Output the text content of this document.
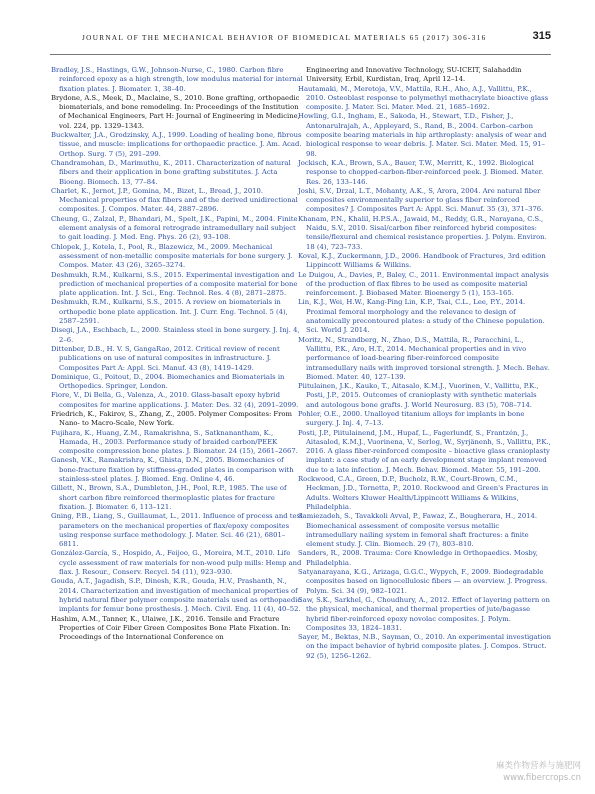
JOURNAL OF THE MECHANICAL BEHAVIOR OF BIOMEDICAL MATERIALS 65 (2017) 306-316	315

Bradley, J.S., Hastings, G.W., Johnson-Nurse, C., 1980. Carbon fibre reinforced epoxy as a high strength, low modulus material for internal fixation plates. J. Biomater. 1, 38–40.

Brydone, A.S., Meek, D., Maclaine, S., 2010. Bone grafting, orthopaedic biomaterials, and bone remodeling. In: Proceedings of the Institution of Mechanical Engineers, Part H: Journal of Engineering in Medicine, vol. 224, pp. 1329–1343.

Buckwalter, J.A., Grodzinsky, A.J., 1999. Loading of healing bone, fibrous tissue, and muscle: implications for orthopaedic practice. J. Am. Acad. Orthop. Surg. 7 (5), 291–299.

Chandramohan, D., Marimuthu, K., 2011. Characterization of natural fibers and their application in bone grafting substitutes. J. Acta Bioeng. Biomech. 13, 77–84.

Charlet, K., Jernot, J.P., Gomina, M., Bizet, L., Bread, J., 2010. Mechanical properties of flax fibers and of the derived unidirectional composites. J. Compos. Mater. 44, 2887–2896.

Cheung, G., Zalzal, P., Bhandari, M., Spelt, J.K., Papini, M., 2004. Finite element analysis of a femoral retrograde intramedullary nail subject to gait loading. J. Med. Eng. Phys. 26 (2), 93–108.

Chlopek, J., Kotela, I., Pool, R., Blazewicz, M., 2009. Mechanical assessment of non-metallic composite materials for bone surgery. J. Compos. Mater. 43 (26), 3265–3274.

Deshmukh, R.M., Kulkarni, S.S., 2015. Experimental investigation and prediction of mechanical properties of a composite material for bone plate application. Int. J. Sci., Eng. Technol. Res. 4 (8), 2871–2875.

Deshmukh, R.M., Kulkarni, S.S., 2015. A review on biomaterials in orthopedic bone plate application. Int. J. Curr. Eng. Technol. 5 (4), 2587–2591.

Disegi, J.A., Eschbach, L., 2000. Stainless steel in bone surgery. J. Inj. 4, 2–6.

Dittenber, D.B., H. V. S, GangaRao, 2012. Critical review of recent publications on use of natural composites in infrastructure. J. Composites Part A: Appl. Sci. Manuf. 43 (8), 1419–1429.

Dominique, G., Poitout, D., 2004. Biomechanics and Biomaterials in Orthopedics. Springer, London.

Fiore, V., Di Bella, G., Valenza, A., 2010. Glass-basalt epoxy hybrid composites for marine applications. J. Mater. Des. 32 (4), 2091–2099.

Friedrich, K., Fakirov, S., Zhang, Z., 2005. Polymer Composites: From Nano- to Macro-Scale, New York.

Fujihara, K., Huang, Z.M., Ramakrishna, S., Satknanantham, K., Hamada, H., 2003. Performance study of braided carbon/PEEK composite compression bone plates. J. Biomater. 24 (15), 2661–2667.

Ganesh, V.K., Ramakrishra, K., Ghista, D.N., 2005. Biomechanics of bone-fracture fixation by stiffness-graded plates in comparison with stainless-steel plates. J. Biomed. Eng. Online 4, 46.

Gillett, N., Brown, S.A., Dumbleton, J.H., Pool, R.P., 1985. The use of short carbon fibre reinforced thermoplastic plates for fracture fixation. J. Biomater. 6, 113–121.

Gning, P.B., Liang, S., Guillaumat, L., 2011. Influence of process and test parameters on the mechanical properties of flax/epoxy composites using response surface methodology. J. Mater. Sci. 46 (21), 6801–6811.

González-García, S., Hospido, A., Feijoo, G., Moreira, M.T., 2010. Life cycle assessment of raw materials for non-wood pulp mills: Hemp and flax. J. Resour., Conserv. Recycl. 54 (11), 923–930.

Gouda, A.T., Jagadish, S.P., Dinesh, K.R., Gouda, H.V., Prashanth, N., 2014. Characterization and investigation of mechanical properties of hybrid natural fiber polymer composite materials used as orthopaedic implants for femur bone prosthesis. J. Mech. Civil. Eng. 11 (4), 40–52.

Hashim, A.M., Tanner, K., Ulaiwe, J.K., 2016. Tensile and Fracture Properties of Coir Fiber Green Composites Bone Plate Fixation. In: Proceedings of the International Conference on

Engineering and Innovative Technology, SU-ICEIT, Salahaddin University, Erbil, Kurdistan, Iraq, April 12–14.

Hautamaki, M., Meretoja, V.V., Mattila, R.H., Aho, A.J., Vallittu, P.K., 2010. Osteoblast response to polymethyl methacrylate bioactive glass composite. J. Mater. Sci. Mater. Med. 21, 1685–1692.

Howling, G.I., Ingham, E., Sakoda, H., Stewart, T.D., Fisher, J., Antonarulrajah, A., Appleyard, S., Rand, B., 2004. Carbon–carbon composite bearing materials in hip arthroplasty: analysis of wear and biological response to wear debris. J. Mater. Sci. Mater. Med. 15, 91–98.

Jockisch, K.A., Brown, S.A., Bauer, T.W., Merritt, K., 1992. Biological response to chopped-carbon-fiber-reinforced peek. J. Biomed. Mater. Res. 26, 133–146.

Joshi, S.V., Drzal, L.T., Mohanty, A.K., S, Arora, 2004. Are natural fiber composites environmentally superior to glass fiber reinforced composites? J. Composites Part A: Appl. Sci. Manuf. 35 (3), 371–376.

Khanam, P.N., Khalil, H.P.S.A., Jawaid, M., Reddy, G.R., Narayana, C.S., Naidu, S.V., 2010. Sisal/carbon fiber reinforced hybrid composites: tensile/flexural and chemical resistance properties. J. Polym. Environ. 18 (4), 723–733.

Koval, K.J., Zuckermann, J.D., 2006. Handbook of Fractures, 3rd edition Lippincott Williams & Wilkins.

Le Duigou, A., Davies, P., Baley, C., 2011. Environmental impact analysis of the production of flax fibres to be used as composite material reinforcement. J. Biobased Mater. Bioenergy 5 (1), 153–165.

Lin, K.J., Wei, H.W., Kang-Ping Lin, K.P., Tsai, C.L., Lee, P.Y., 2014. Proximal femoral morphology and the relevance to design of anatomically precontoured plates: a study of the Chinese population. Sci. World J. 2014.

Moritz, N., Strandberg, N., Zhao, D.S., Mattila, R., Paracchini, L., Vallittu, P.K., Aro, H.T., 2014. Mechanical properties and in vivo performance of load-bearing fiber-reinforced composite intramedullary nails with improved torsional strength. J. Mech. Behav. Biomed. Mater. 40, 127–139.

Piitulainen, J.K., Kauko, T., Aitasalo, K.M.J., Vuorinen, V., Vallittu, P.K., Posti, J.P., 2015. Outcomes of cranioplasty with synthetic materials and autologous bone grafts. J. World Neurosurg. 83 (5), 708–714.

Pohler, O.E., 2000. Unalloyed titanium alloys for implants in bone surgery. J. Inj. 4, 7–13.

Posti, J.P., Piitulainend, J.M., Hupaf, L., Fagerlundf, S., Frantzén, J., Aitasalod, K.M.J., Vuorinena, V., Serlog, W., Syrjänenh, S., Vallittu, P.K., 2016. A glass fiber-reinforced composite – bioactive glass cranioplasty implant: a case study of an early development stage implant removed due to a late infection. J. Mech. Behav. Biomed. Mater. 55, 191–200.

Rockwood, C.A., Green, D.P., Bucholz, R.W., Court-Brown, C.M., Heckman, J.D., Tornetta, P., 2010. Rockwood and Green's Fractures in Adults. Wolters Kluwer Health/Lippincott Williams & Wilkins, Philadelphia.

Samiezadeh, S., Tavakkoli Avval, P., Fawaz, Z., Bougherara, H., 2014. Biomechanical assessment of composite versus metallic intramedullary nailing system in femoral shaft fractures: a finite element study. J. Clin. Biomech. 29 (7), 803–810.

Sanders, R., 2008. Trauma: Core Knowledge in Orthopaedics. Mosby, Philadelphia.

Satyanarayana, K.G., Arizaga, G.G.C., Wypych, F., 2009. Biodegradable composites based on lignocellulosic fibers — an overview. J. Progress. Polym. Sci. 34 (9), 982–1021.

Saw, S.K., Sarkhel, G., Choudhury, A., 2012. Effect of layering pattern on the physical, mechanical, and thermal properties of jute/bagasse hybrid fiber-reinforced epoxy novolac composites. J. Polym. Composites 33, 1824–1831.

Sayer, M., Bektas, N.B., Sayman, O., 2010. An experimental investigation on the impact behavior of hybrid composite plates. J. Compos. Struct. 92 (5), 1256–1262.

麻类作物营养与施肥网
www.fibercrops.cn
